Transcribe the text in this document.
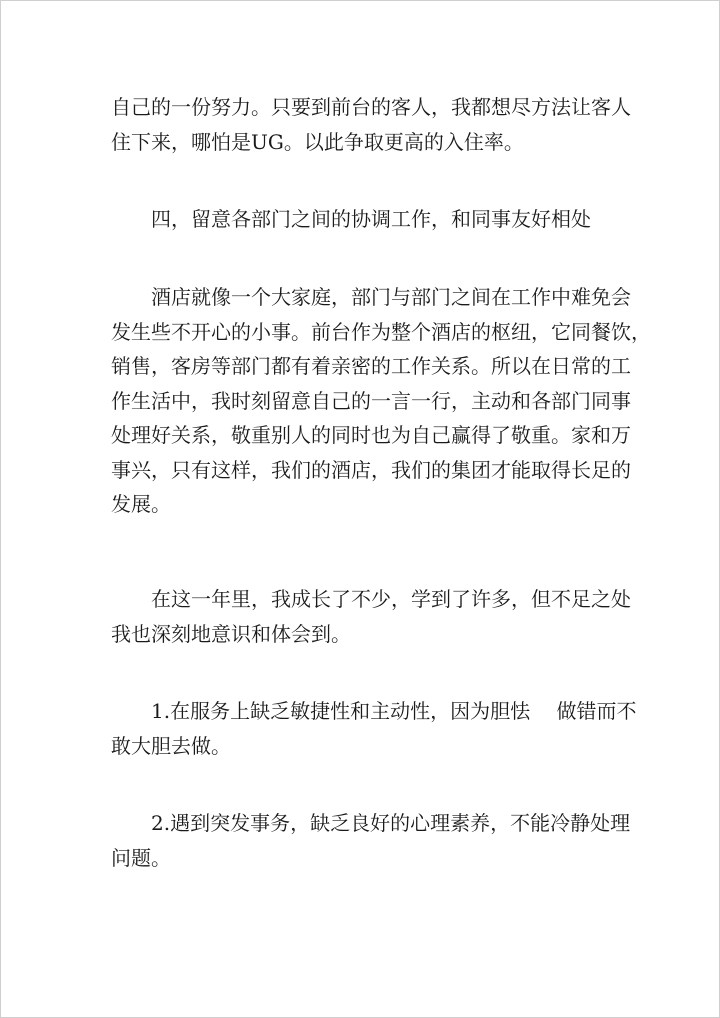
自己的一份努力。只要到前台的客人，我都想尽方法让客人
住下来，哪怕是UG。以此争取更高的入住率。

四，留意各部门之间的协调工作，和同事友好相处

酒店就像一个大家庭，部门与部门之间在工作中难免会
发生些不开心的小事。前台作为整个酒店的枢纽，它同餐饮，
销售，客房等部门都有着亲密的工作关系。所以在日常的工
作生活中，我时刻留意自己的一言一行，主动和各部门同事
处理好关系，敬重别人的同时也为自己赢得了敬重。家和万
事兴，只有这样，我们的酒店，我们的集团才能取得长足的
发展。

在这一年里，我成长了不少，学到了许多，但不足之处
我也深刻地意识和体会到。

1.在服务上缺乏敏捷性和主动性，因为胆怯　 做错而不
敢大胆去做。

2.遇到突发事务，缺乏良好的心理素养，不能冷静处理
问题。
